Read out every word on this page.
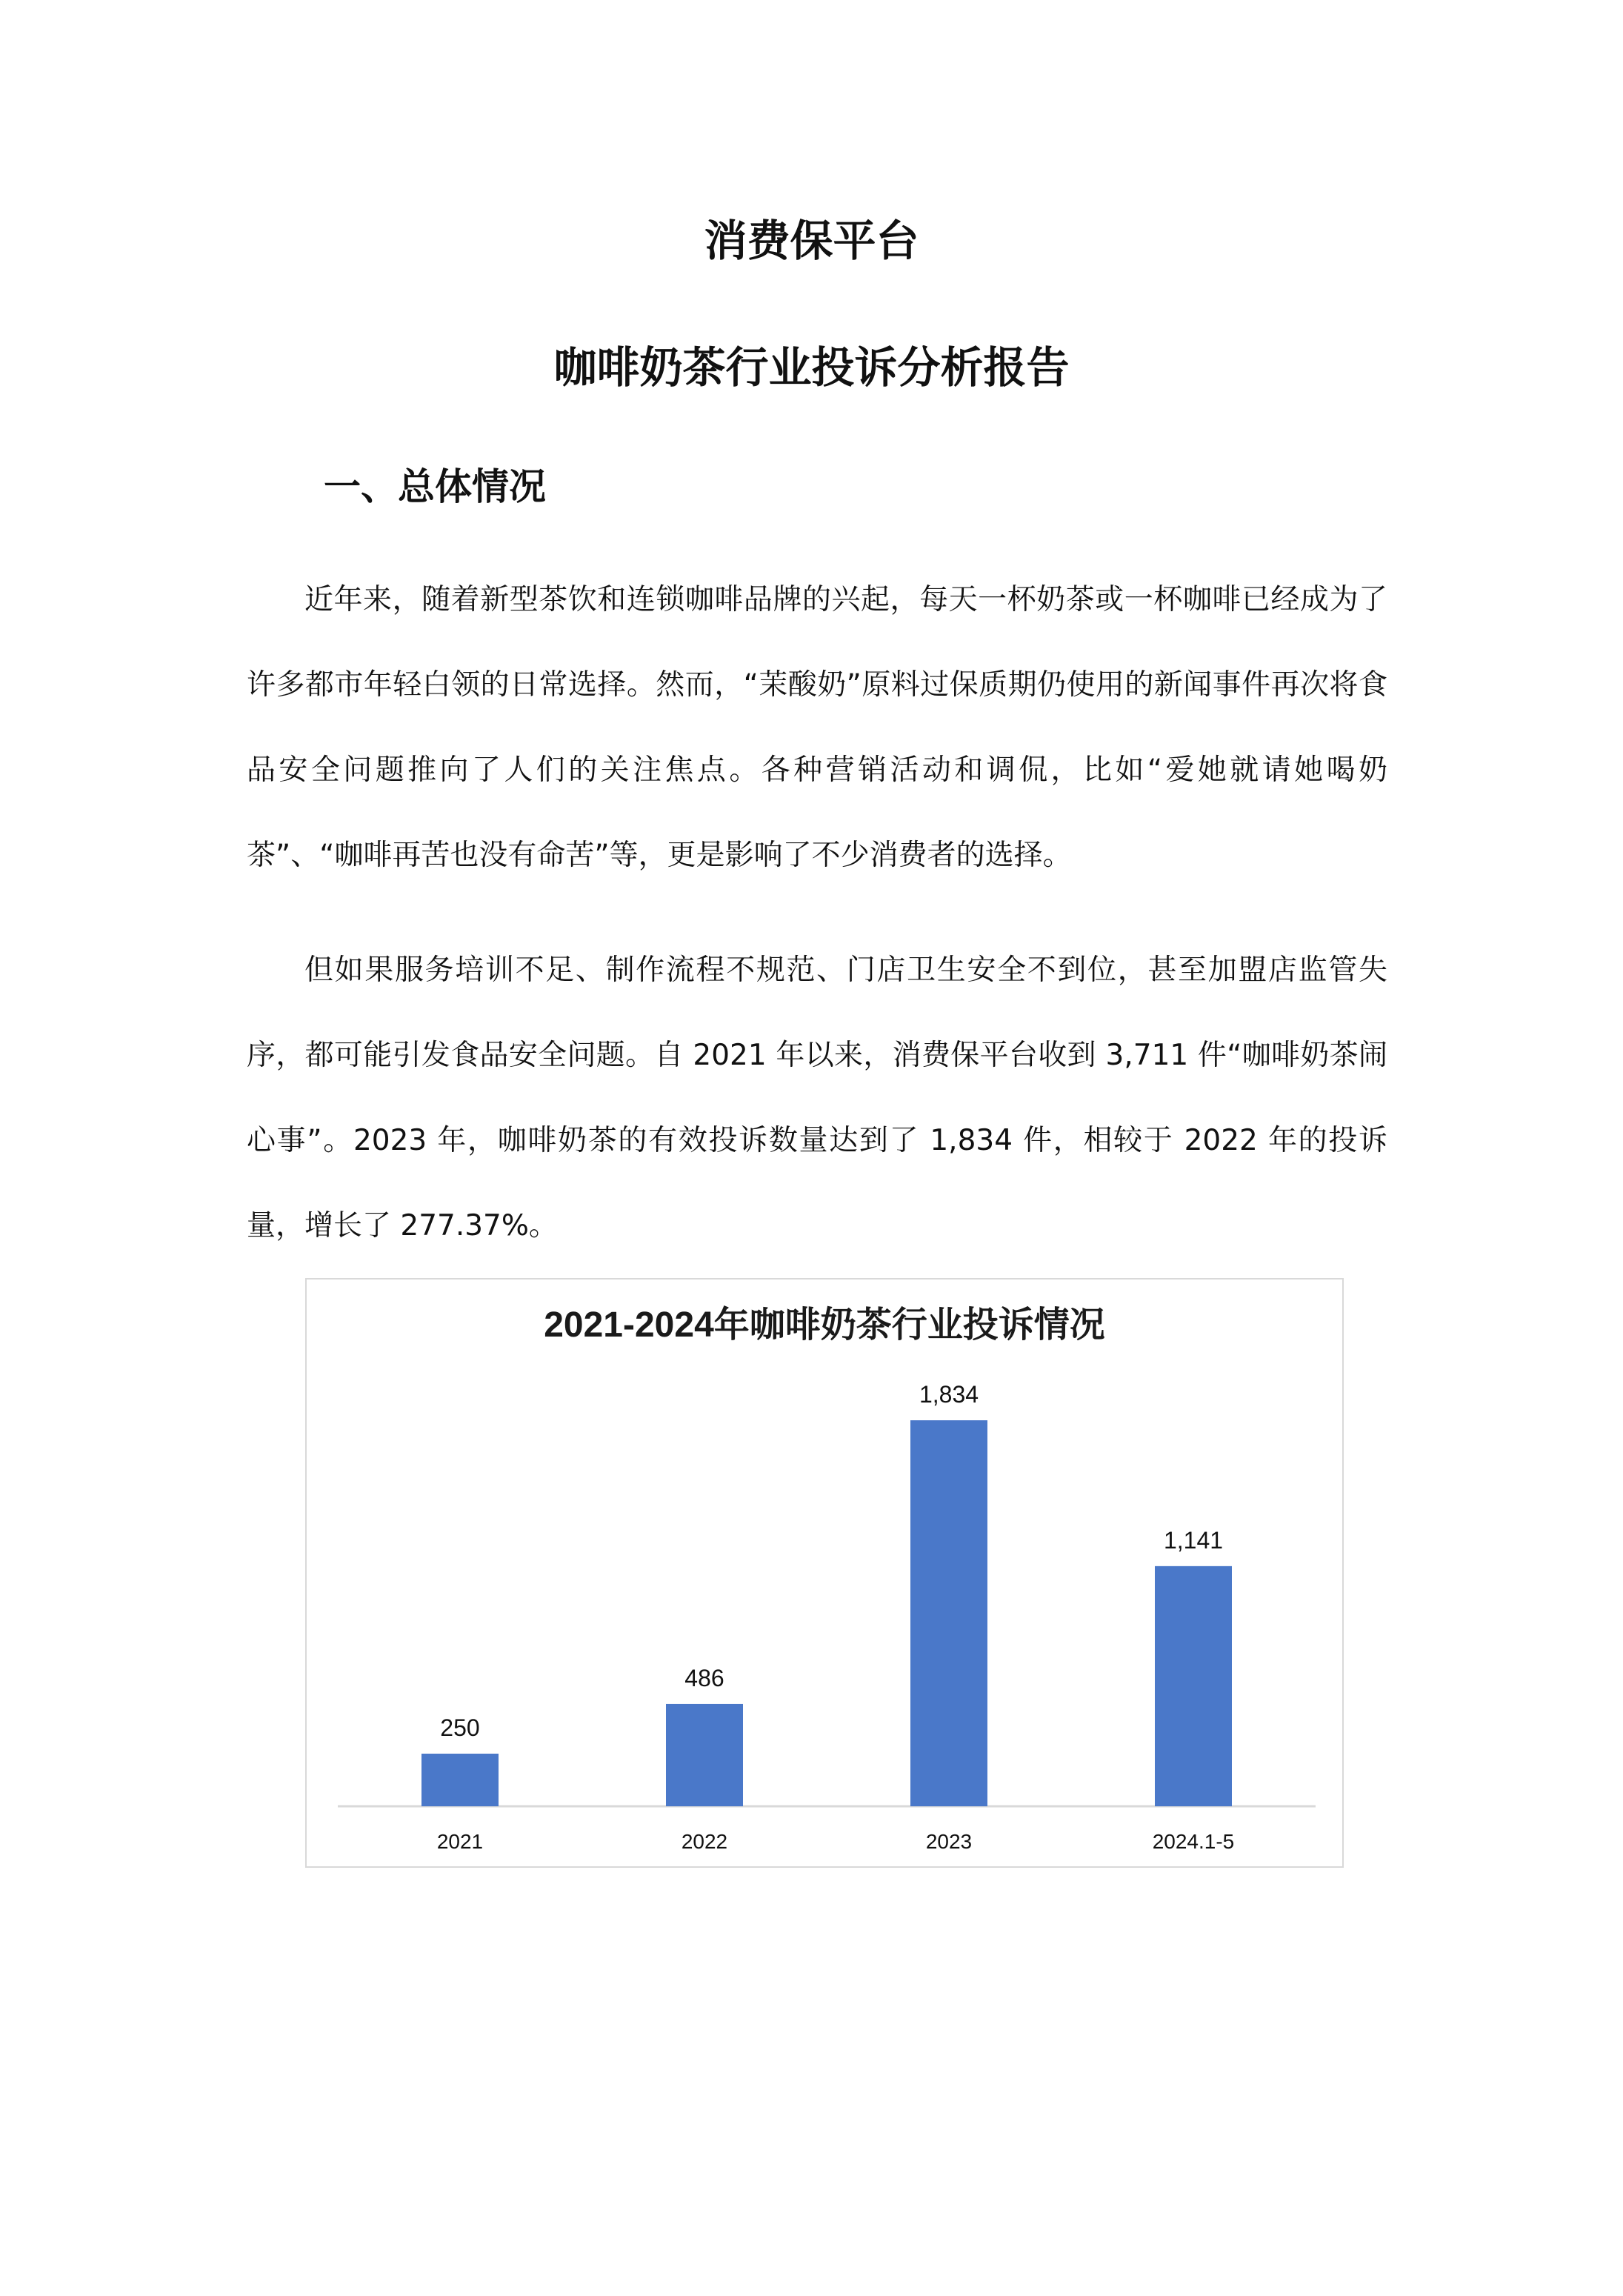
消费保平台
咖啡奶茶行业投诉分析报告
一、总体情况

近年来，随着新型茶饮和连锁咖啡品牌的兴起，每天一杯奶茶或一杯咖啡已经成为了许多都市年轻白领的日常选择。然而，“茉酸奶”原料过保质期仍使用的新闻事件再次将食品安全问题推向了人们的关注焦点。各种营销活动和调侃，比如“爱她就请她喝奶茶”、“咖啡再苦也没有命苦”等，更是影响了不少消费者的选择。

但如果服务培训不足、制作流程不规范、门店卫生安全不到位，甚至加盟店监管失序，都可能引发食品安全问题。自 2021 年以来，消费保平台收到 3,711 件“咖啡奶茶闹心事”。2023 年，咖啡奶茶的有效投诉数量达到了 1,834 件，相较于 2022 年的投诉量，增长了 277.37%。

2021-2024年咖啡奶茶行业投诉情况
250
2021
486
2022
1,834
2023
1,141
2024.1-5
